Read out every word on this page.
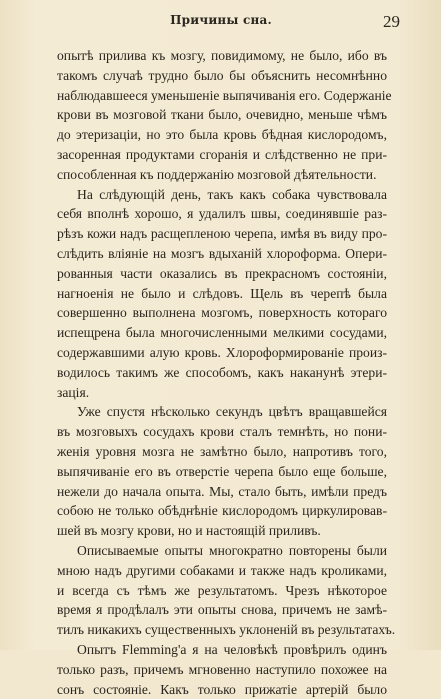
Причины сна.	29
опытѣ прилива къ мозгу, повидимому, не было, ибо въ
такомъ случаѣ трудно было бы объяснить несомнѣнно
наблюдавшееся уменьшеніе выпячиванія его. Содержаніе
крови въ мозговой ткани было, очевидно, меньше чѣмъ
до этеризаціи, но это была кровь бѣдная кислородомъ,
засоренная продуктами сгоранія и слѣдственно не при-
способленная къ поддержанію мозговой дѣятельности.
На слѣдующій день, такъ какъ собака чувствовала
себя вполнѣ хорошо, я удалилъ швы, соединявшіе раз-
рѣзъ кожи надъ расщепленою черепа, имѣя въ виду про-
слѣдить вліяніе на мозгъ вдыханій хлороформа. Опери-
рованныя части оказались въ прекрасномъ состояніи,
нагноенія не было и слѣдовъ. Щель въ черепѣ была
совершенно выполнена мозгомъ, поверхность котораго
испещрена была многочисленными мелкими сосудами,
содержавшими алую кровь. Хлороформированіе произ-
водилось такимъ же способомъ, какъ наканунѣ этери-
зація.
Уже спустя нѣсколько секундъ цвѣтъ вращавшейся
въ мозговыхъ сосудахъ крови сталъ темнѣть, но пони-
женія уровня мозга не замѣтно было, напротивъ того,
выпячиваніе его въ отверстіе черепа было еще больше,
нежели до начала опыта. Мы, стало быть, имѣли предъ
собою не только обѣднѣніе кислородомъ циркулировав-
шей въ мозгу крови, но и настоящій приливъ.
Описываемые опыты многократно повторены были
мною надъ другими собаками и также надъ кроликами,
и всегда съ тѣмъ же результатомъ. Чрезъ нѣкоторое
время я продѣлалъ эти опыты снова, причемъ не замѣ-
тилъ никакихъ существенныхъ уклоненій въ результатахъ.
Опытъ Flemming'а я на человѣкѣ провѣрилъ одинъ
только разъ, причемъ мгновенно наступило похожее на
сонъ состояніе. Какъ только прижатіе артерій было
